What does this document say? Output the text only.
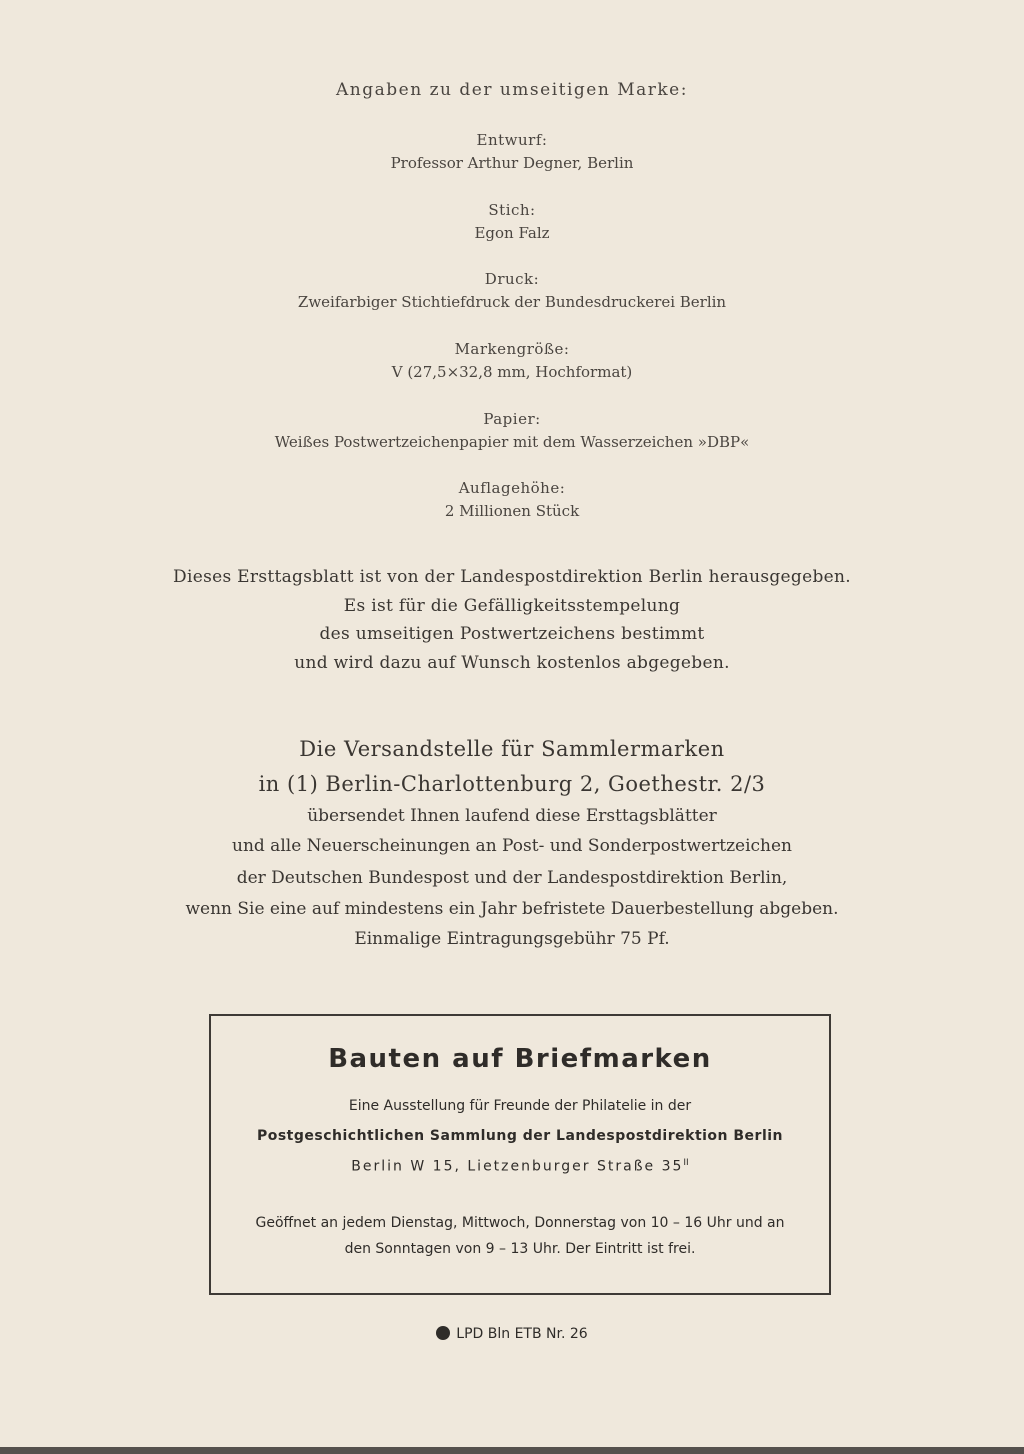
Angaben zu der umseitigen Marke:
Entwurf:
Professor Arthur Degner, Berlin
Stich:
Egon Falz
Druck:
Zweifarbiger Stichtiefdruck der Bundesdruckerei Berlin
Markengröße:
V (27,5×32,8 mm, Hochformat)
Papier:
Weißes Postwertzeichenpapier mit dem Wasserzeichen »DBP«
Auflagehöhe:
2 Millionen Stück
Dieses Ersttagsblatt ist von der Landespostdirektion Berlin herausgegeben.
Es ist für die Gefälligkeitsstempelung
des umseitigen Postwertzeichens bestimmt
und wird dazu auf Wunsch kostenlos abgegeben.
Die Versandstelle für Sammlermarken
in (1) Berlin-Charlottenburg 2, Goethestr. 2/3
übersendet Ihnen laufend diese Ersttagsblätter
und alle Neuerscheinungen an Post- und Sonderpostwertzeichen
der Deutschen Bundespost und der Landespostdirektion Berlin,
wenn Sie eine auf mindestens ein Jahr befristete Dauerbestellung abgeben.
Einmalige Eintragungsgebühr 75 Pf.
Bauten auf Briefmarken
Eine Ausstellung für Freunde der Philatelie in der
Postgeschichtlichen Sammlung der Landespostdirektion Berlin
Berlin W 15, Lietzenburger Straße $35^{II}$
Geöffnet an jedem Dienstag, Mittwoch, Donnerstag von 10 – 16 Uhr und an
den Sonntagen von 9 – 13 Uhr. Der Eintritt ist frei.
LPD Bln ETB Nr. 26
